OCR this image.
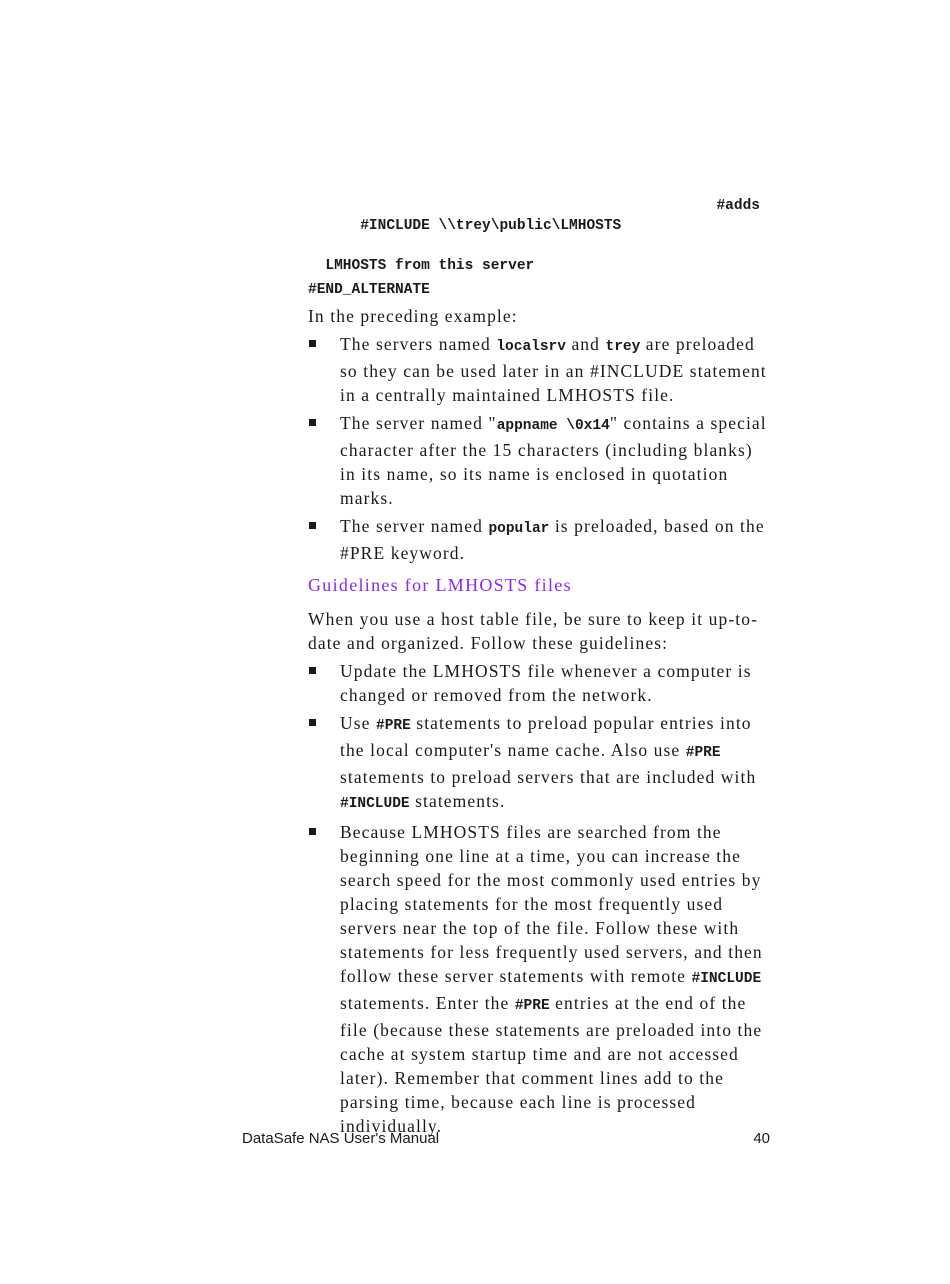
#INCLUDE \\trey\public\LMHOSTS
#adds

LMHOSTS from this server
#END_ALTERNATE

In the preceding example:

The servers named localsrv and trey are preloaded so they can be used later in an #INCLUDE statement in a centrally maintained LMHOSTS file.
The server named "appname \0x14" contains a special character after the 15 characters (including blanks) in its name, so its name is enclosed in quotation marks.
The server named popular is preloaded, based on the #PRE keyword.
Guidelines for LMHOSTS files

When you use a host table file, be sure to keep it up-to-date and organized. Follow these guidelines:

Update the LMHOSTS file whenever a computer is changed or removed from the network.
Use #PRE statements to preload popular entries into the local computer's name cache. Also use #PRE statements to preload servers that are included with #INCLUDE statements.
Because LMHOSTS files are searched from the beginning one line at a time, you can increase the search speed for the most commonly used entries by placing statements for the most frequently used servers near the top of the file. Follow these with statements for less frequently used servers, and then follow these server statements with remote #INCLUDE statements. Enter the #PRE entries at the end of the file (because these statements are preloaded into the cache at system startup time and are not accessed later). Remember that comment lines add to the parsing time, because each line is processed individually.
DataSafe NAS User's Manual	40
